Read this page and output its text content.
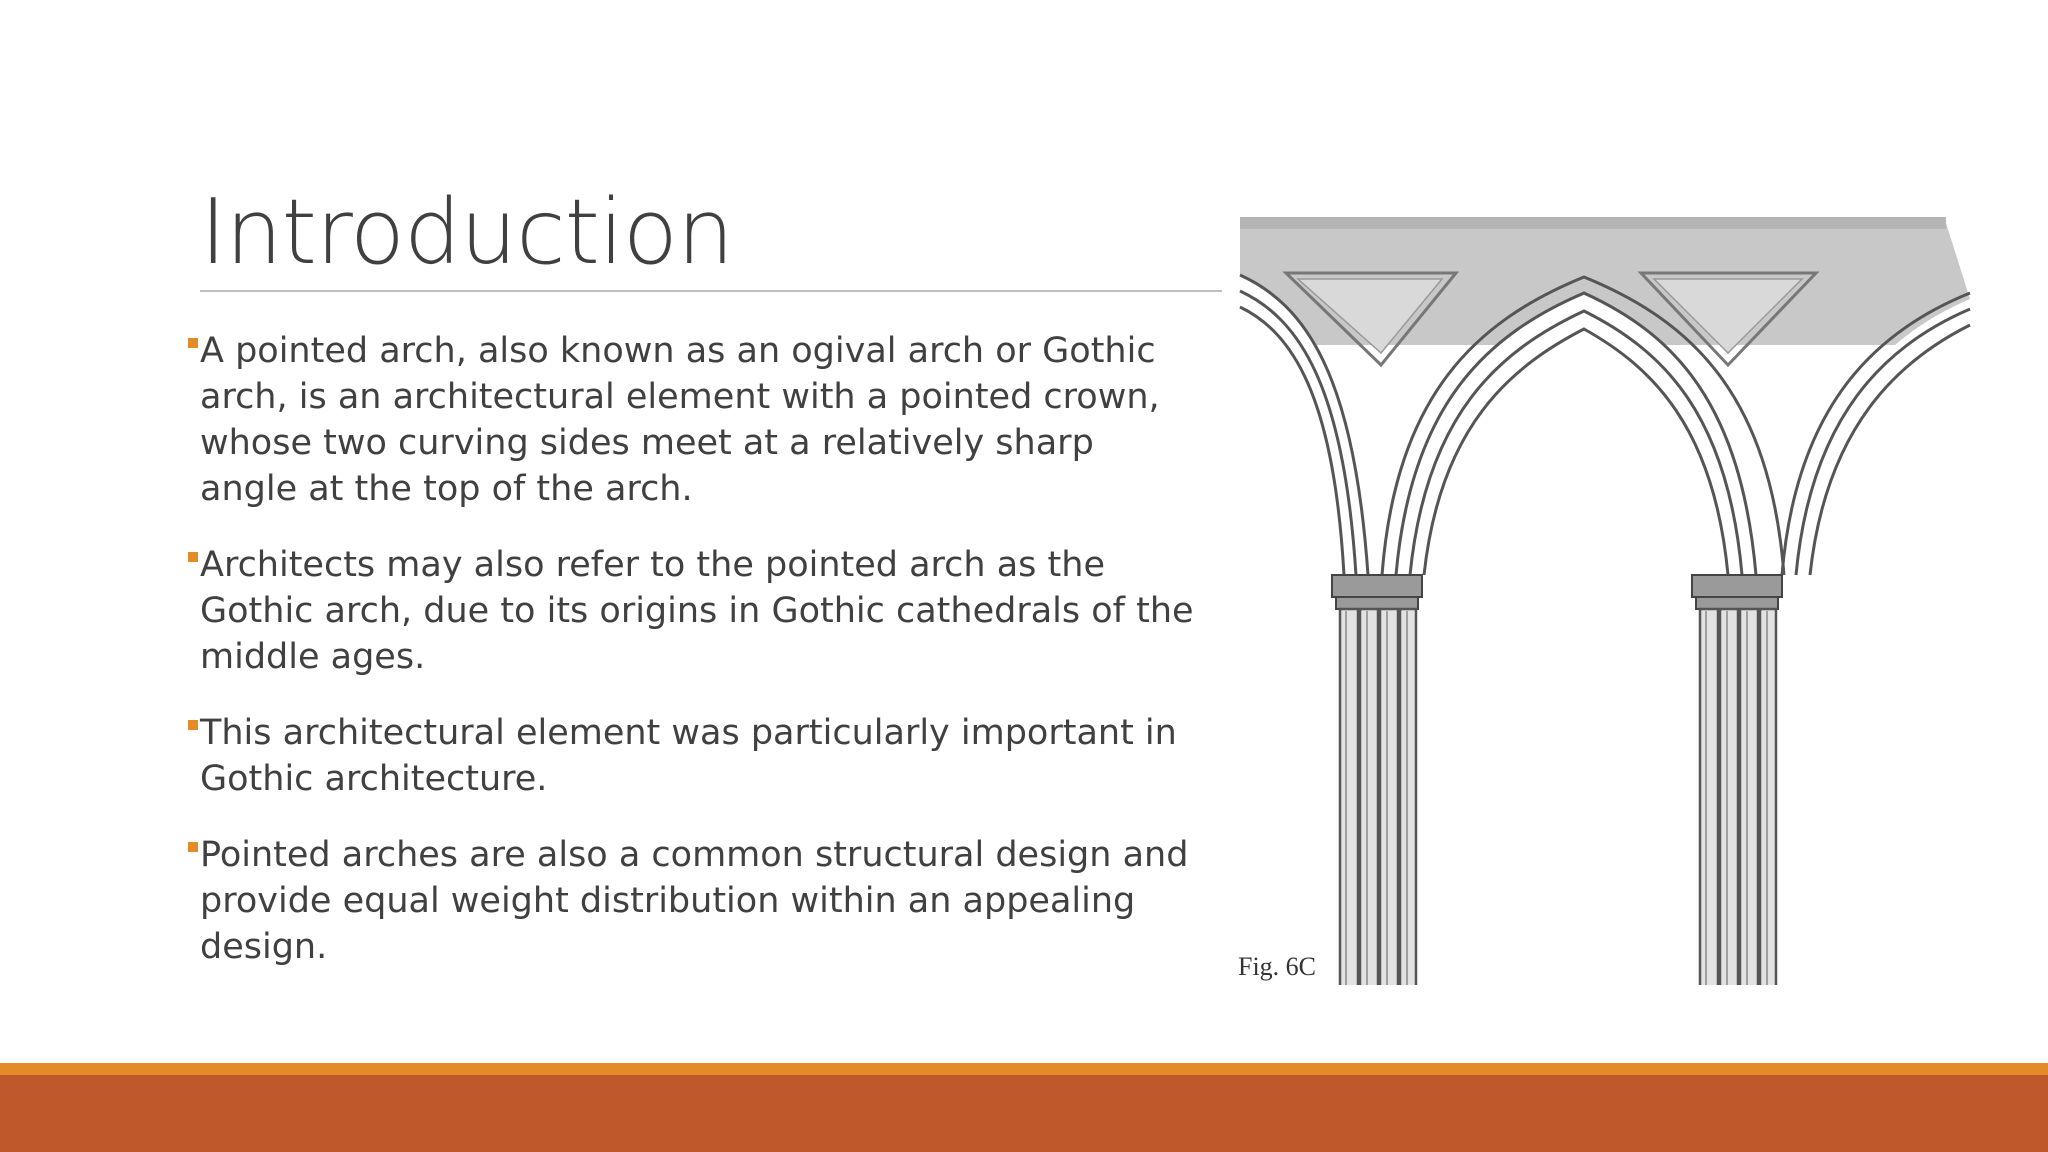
Introduction
A pointed arch, also known as an ogival arch or Gothic arch, is an architectural element with a pointed crown, whose two curving sides meet at a relatively sharp angle at the top of the arch.
Architects may also refer to the pointed arch as the Gothic arch, due to its origins in Gothic cathedrals of the middle ages.
This architectural element was particularly important in Gothic architecture.
Pointed arches are also a common structural design and provide equal weight distribution within an appealing design.	Fig. 6C
